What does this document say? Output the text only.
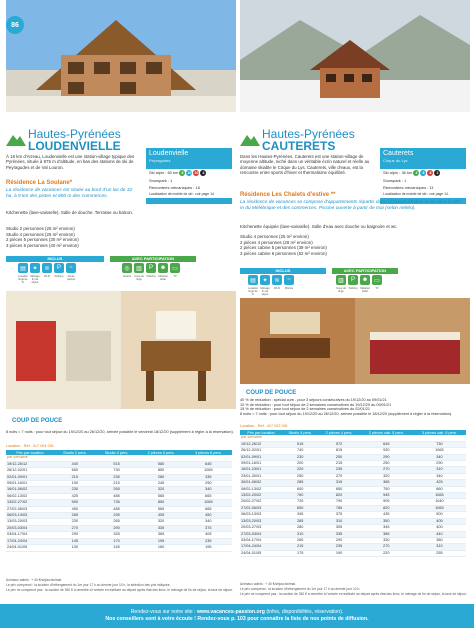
86
Hautes-Pyrénées
LOUDENVIELLE
À 16 km d'Arreau, Loudenvielle est une station-village typique des Pyrénées, située à 975 m d'altitude, en bas des stations de ski de Peyragudes et de Val Louron.
Loudenvielle
Peyragudes
Ski alpin : 60 km 6	20 20	4
Snowpark : 1
Remontées mécaniques : 16
Localisation de mobile de ski : voir page 14.
Résidence La Soulane*
La résidence de vacances est située au bord d'un lac de 32 ha, à 9 km des pistes et 800 m des commerces.
Kitchenette (lave-vaisselle). Salle de douche. Terrasse ou balcon.
Studio 2 personnes (25 m² environ)
Studio 4 personnes (25 m² environ)
2 pièces 5 personnes (30 m² environ)
3 pièces 6 personnes (40 m² environ)
INCLUS	AVEC PARTICIPATION
▤	✦	≋	P	~	◎	▥	P	☻	▭
Location linge de lit
Ménage fin de séjour
Wi-Fi	Parking	Accès piscine
Laverie Coup de linge
Parking Matériel bébé
TV
COUP DE POUCE
8 nuits = 7 nuits : pour tout séjour du 19/12/20 au 26/12/20, arrivée possible le vendredi 18/12/20 (supplément à régler à la réservation).
Location - Réf : 417 004 001
Prix par location	Studio 2 pers.	Studio 4 pers.	2 pièces 5 pers.	3 pièces 6 pers.
par semaine				
19/12-26/12	440	515	580	645
26/12-02/01	650	730	850	1065
02/01-09/01	215	235	280	335
09/01-16/01	190	215	245	290
16/01-06/02	230	265	320	340
06/02-13/02	425	485	565	665
13/02-27/02	590	735	850	1065
27/02-06/03	450	485	565	665
06/03-13/03	265	295	405	450
13/03-20/03	230	265	320	340
20/03-03/04	270	290	335	375
03/04-17/04	290	325	365	405
17/04-24/04	145	170	195	235
24/04-01/05	130	145	160	195
Animaux admis : + 40 €/séjour/animal.
Le prix comprend : la location d'hébergement du 1er jour 17 h au dernier jour 10 h, la sélection des prix indiquée.
Le prix ne comprend pas : la caution de 350 € à remettre à l'arrivée et restituée au départ après état des lieux, le ménage de fin de séjour, la taxe de séjour.
Hautes-Pyrénées
CAUTERETS
Dans les Hautes-Pyrénées, Cauterets est une station-village de moyenne altitude, niché dans un véritable écrin naturel et réelle au domaine skiable le Cirque du Lys. Cauterets, ville d'eaux, est la rencontre entre sports d'hiver et thermalisme équilibré.
Cauterets
Cirque du Lys
Ski alpin : 36 km 4	6	8	2
Snowpark : 1
Remontées mécaniques : 11
Localisation de mobile de ski : voir page 14.
Résidence Les Chalets d'estive **
La résidence de vacances se compose d'appartements répartis dans plusieurs chalets et se situe à 400 m du Mélèbrique et des commerces. Piscine ouverte à partir de mai (selon météo).
Kitchenette équipée (lave-vaisselle). Salle d'eau avec douche ou baignoire et wc.
Studio 4 personnes (25 m² environ)
2 pièces 4 personnes (28 m² environ)
2 pièces cabine 5 personnes (39 m² environ)
3 pièces cabine 6 personnes (52 m² environ)
INCLUS	AVEC PARTICIPATION
▤	✦	≋	~	▥	P	☻	▭
Location linge de lit
Ménage fin de séjour
Wi-Fi	Piscine	Coup de linge
Parking Matériel bébé
TV
COUP DE POUCE
40 % de réduction : spécial cure - pour 3 séjours consécutives du 19/12/20 au 09/01/21
10 % de réduction : pour tout séjour de 2 semaines consécutives du 19/12/20 au 09/01/21
15 % de réduction : pour tout séjour de 2 semaines consécutives du 02/01/21
8 nuits = 7 nuits : pour tout séjour du 19/12/20 au 26/12/20, arrivée possible le 18/12/20 (supplément à régler à la réservation).
Location - Réf : 417 022 001
Prix par location	Studio 4 pers.	2 pièces 4 pers.	2 pièces cab. 5 pers.	3 pièces cab. 6 pers.
par semaine				
19/12-26/12	515	572	645	730
26/12-02/01	740	815	930	1065
02/01-09/01	230	250	290	340
09/01-16/01	200	215	250	290
16/01-23/01	220	235	270	310
23/01-30/01	250	270	320	340
30/01-06/02	285	315	365	425
06/02-13/02	600	650	750	860
13/02-20/02	760	820	945	1065
20/02-27/02	725	790	905	1040
27/02-06/03	650	785	820	1065
06/03-13/03	345	375	435	500
13/03-20/03	285	310	350	405
20/03-27/03	280	305	345	400
27/03-03/04	310	335	385	440
03/04-17/04	265	290	330	380
17/04-24/04	215	235	270	310
24/04-01/05	175	190	220	255
Animaux admis : + 40 €/séjour/animal.
Le prix comprend : la location d'hébergement du 1er jour 17 h au dernier jour 10 h.
Le prix ne comprend pas : la caution de 350 € à remettre à l'arrivée et restituée au départ après état des lieux, le ménage de fin de séjour, la taxe de séjour.
Rendez-vous sur notre site : www.vacances-passion.org (infos, disponibilités, réservation).
Nos conseillers sont à votre écoute ! Rendez-vous p. 103 pour connaître la liste de nos points de diffusion.
